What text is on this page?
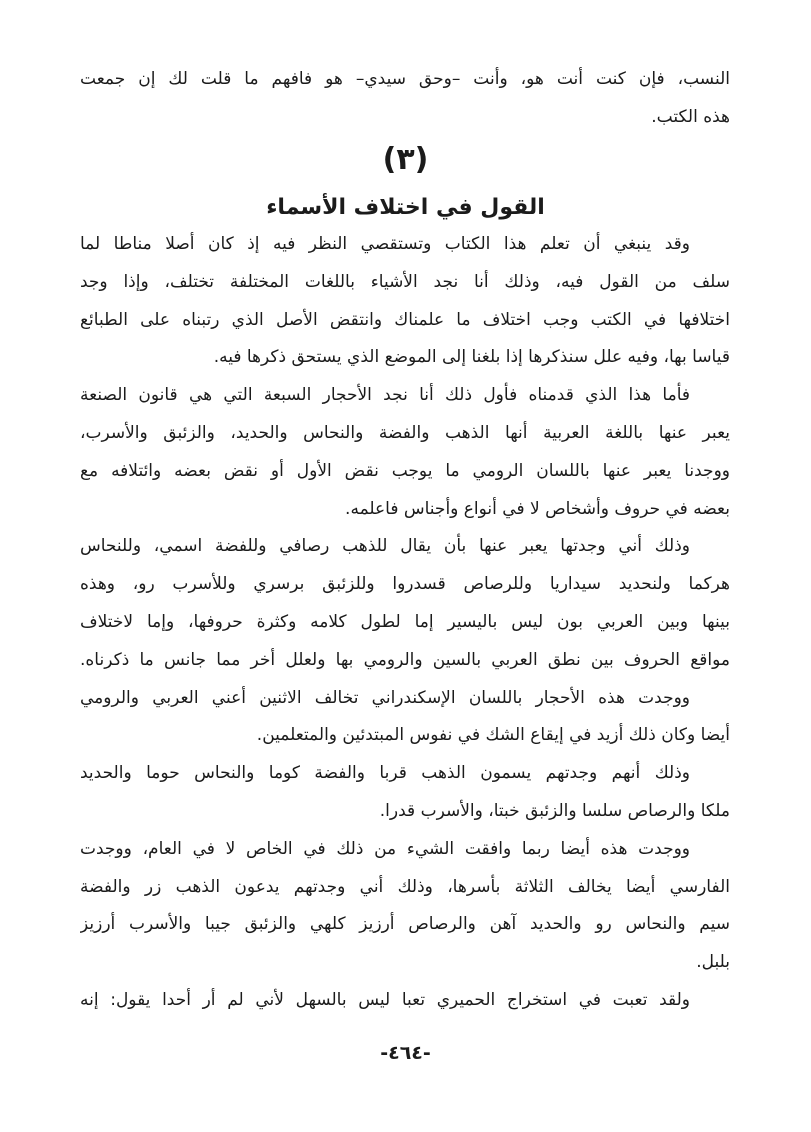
النسب، فإن كنت أنت هو، وأنت –وحق سيدي– هو فافهم ما قلت لك إن جمعت
هذه الكتب.
(٣)
القول في اختلاف الأسماء
وقد ينبغي أن تعلم هذا الكتاب وتستقصي النظر فيه إذ كان أصلا مناطا لما
سلف من القول فيه، وذلك أنا نجد الأشياء باللغات المختلفة تختلف، وإذا وجد
اختلافها في الكتب وجب اختلاف ما علمناك وانتقض الأصل الذي رتبناه على الطبائع
قياسا بها، وفيه علل سنذكرها إذا بلغنا إلى الموضع الذي يستحق ذكرها فيه.
فأما هذا الذي قدمناه فأول ذلك أنا نجد الأحجار السبعة التي هي قانون الصنعة
يعبر عنها باللغة العربية أنها الذهب والفضة والنحاس والحديد، والزئبق والأسرب،
ووجدنا يعبر عنها باللسان الرومي ما يوجب نقض الأول أو نقض بعضه وائتلافه مع
بعضه في حروف وأشخاص لا في أنواع وأجناس فاعلمه.
وذلك أني وجدتها يعبر عنها بأن يقال للذهب رصافي وللفضة اسمي، وللنحاس
هركما ولنحديد سيداريا وللرصاص قسدروا وللزئبق برسري وللأسرب رو، وهذه
بينها وبين العربي بون ليس باليسير إما لطول كلامه وكثرة حروفها، وإما لاختلاف
مواقع الحروف بين نطق العربي بالسين والرومي بها ولعلل أخر مما جانس ما ذكرناه.
ووجدت هذه الأحجار باللسان الإسكندراني تخالف الاثنين أعني العربي والرومي
أيضا وكان ذلك أزيد في إيقاع الشك في نفوس المبتدئين والمتعلمين.
وذلك أنهم وجدتهم يسمون الذهب قربا والفضة كوما والنحاس حوما والحديد
ملكا والرصاص سلسا والزئبق خبتا، والأسرب قدرا.
ووجدت هذه أيضا ربما وافقت الشيء من ذلك في الخاص لا في العام، ووجدت
الفارسي أيضا يخالف الثلاثة بأسرها، وذلك أني وجدتهم يدعون الذهب زر والفضة
سيم والنحاس رو والحديد آهن والرصاص أرزيز كلهي والزئبق جيبا والأسرب أرزيز
بلبل.
ولقد تعبت في استخراج الحميري تعبا ليس بالسهل لأني لم أر أحدا يقول: إنه
-٤٦٤-
